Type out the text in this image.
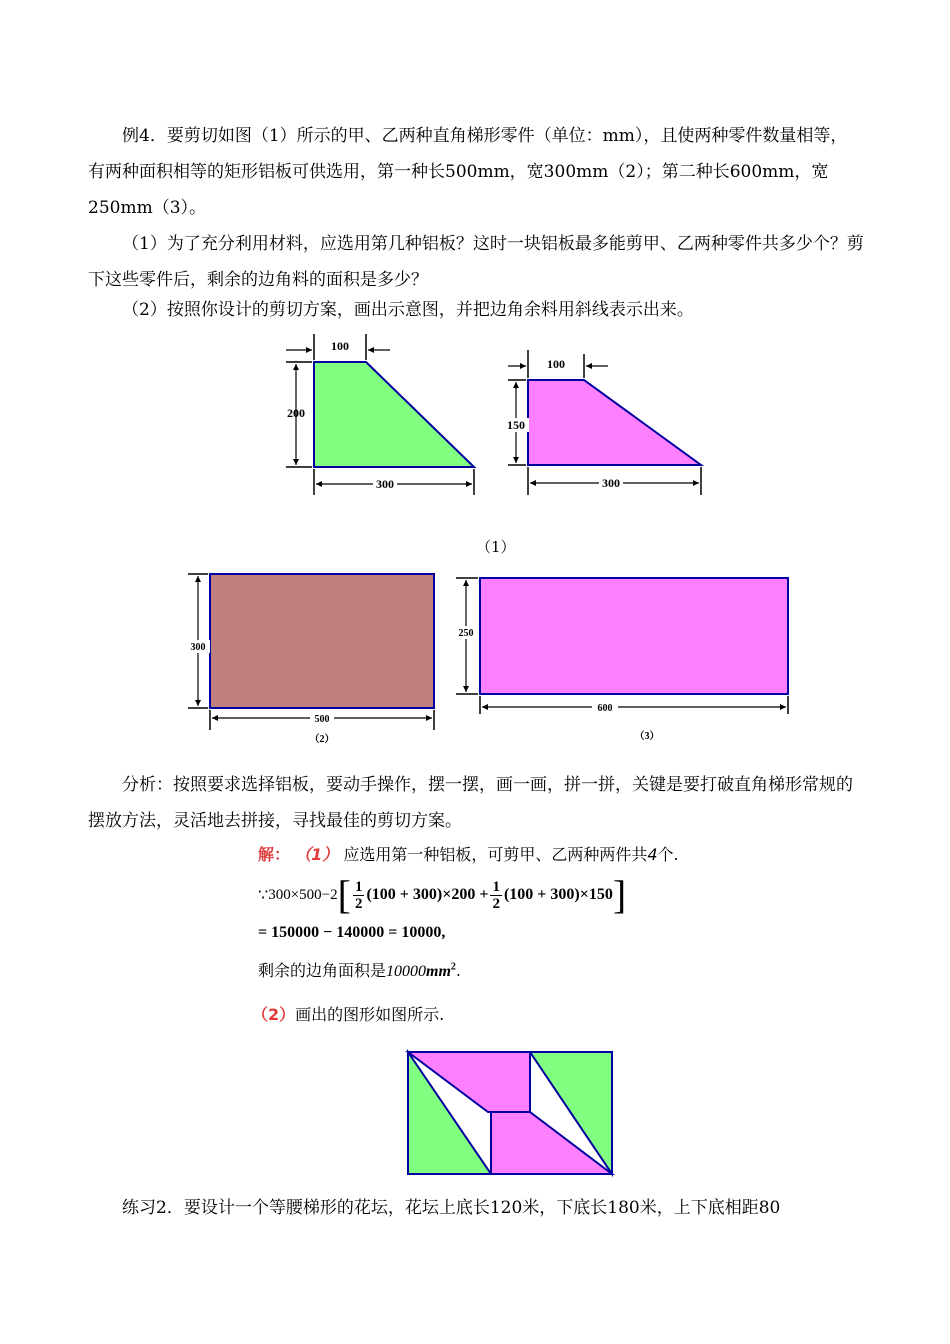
例4．要剪切如图（1）所示的甲、乙两种直角梯形零件（单位：mm），且使两种零件数量相等，有两种面积相等的矩形铝板可供选用，第一种长500mm，宽300mm（2）；第二种长600mm，宽250mm（3）。

（1）为了充分利用材料，应选用第几种铝板？这时一块铝板最多能剪甲、乙两种零件共多少个？剪下这些零件后，剩余的边角料的面积是多少？

（2）按照你设计的剪切方案，画出示意图，并把边角余料用斜线表示出来。

100
200
300
100
150
300
（1）
300
500
（2）
250
600
（3）

分析：按照要求选择铝板，要动手操作，摆一摆，画一画，拼一拼，关键是要打破直角梯形常规的摆放方法，灵活地去拼接，寻找最佳的剪切方案。

解： （1） 应选用第一种铝板，可剪甲、乙两种两件共4个.
∵ 300×500−2 [ $\frac{1}{2} (100 + 300)\times 200 + \frac{1}{2} (100 + 300)\times 150$ ]
= 150000 − 140000 = 10000,
剩余的边角面积是$10000mm^2$.
（2）画出的图形如图所示.

练习2．要设计一个等腰梯形的花坛，花坛上底长120米，下底长180米，上下底相距80
